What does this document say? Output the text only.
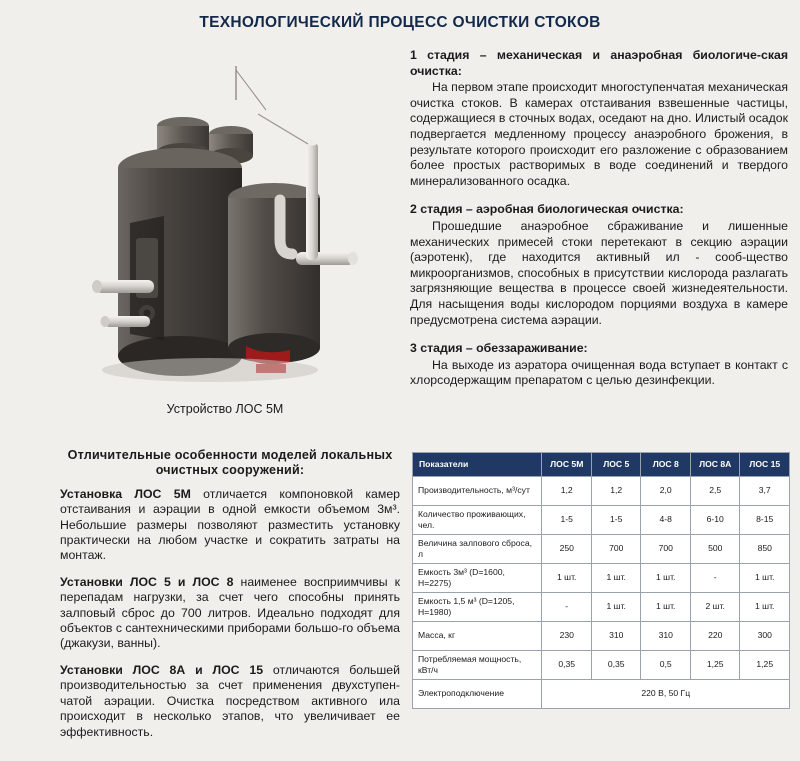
ТЕХНОЛОГИЧЕСКИЙ ПРОЦЕСС ОЧИСТКИ СТОКОВ
Устройство ЛОС 5М

1 стадия – механическая и анаэробная биологиче-ская очистка:

На первом этапе происходит многоступенчатая механическая очистка стоков. В камерах отстаивания взвешенные частицы, содержащиеся в сточных водах, оседают на дно. Илистый осадок подвергается медленному процессу анаэробного брожения, в результате которого происходит его разложение с образованием более простых растворимых в воде соединений и твердого минерализованного осадка.

2 стадия – аэробная биологическая очистка:

Прошедшие анаэробное сбраживание и лишенные механических примесей стоки перетекают в секцию аэрации (аэротенк), где находится активный ил - сооб-щество микроорганизмов, способных в присутствии кислорода разлагать загрязняющие вещества в процессе своей жизнедеятельности. Для насыщения воды кислородом порциями воздуха в камере предусмотрена система аэрации.

3 стадия – обеззараживание:

На выходе из аэратора очищенная вода вступает в контакт с хлорсодержащим препаратом с целью дезинфекции.

Отличительные особенности моделей локальных очистных сооружений:

Установка ЛОС 5М отличается компоновкой камер отстаивания и аэрации в одной емкости объемом 3м³. Небольшие размеры позволяют разместить установку практически на любом участке и сократить затраты на монтаж.

Установки ЛОС 5 и ЛОС 8 наименее восприимчивы к перепадам нагрузки, за счет чего способны принять залповый сброс до 700 литров. Идеально подходят для объектов с сантехническими приборами большо-го объема (джакузи, ванны).

Установки ЛОС 8А и ЛОС 15 отличаются большей производительностью за счет применения двухступен-чатой аэрации. Очистка посредством активного ила происходит в несколько этапов, что увеличивает ее эффективность.

Показатели	ЛОС 5М	ЛОС 5	ЛОС 8	ЛОС 8А	ЛОС 15
Производительность, м³/сут	1,2	1,2	2,0	2,5	3,7
Количество проживающих, чел.	1-5	1-5	4-8	6-10	8-15
Величина залпового сброса, л	250	700	700	500	850
Емкость 3м³ (D=1600, Н=2275)	1 шт.	1 шт.	1 шт.	-	1 шт.
Емкость 1,5 м³ (D=1205, Н=1980)	-	1 шт.	1 шт.	2 шт.	1 шт.
Масса, кг	230	310	310	220	300
Потребляемая мощность, кВт/ч	0,35	0,35	0,5	1,25	1,25
Электроподключение	220 В, 50 Гц				
